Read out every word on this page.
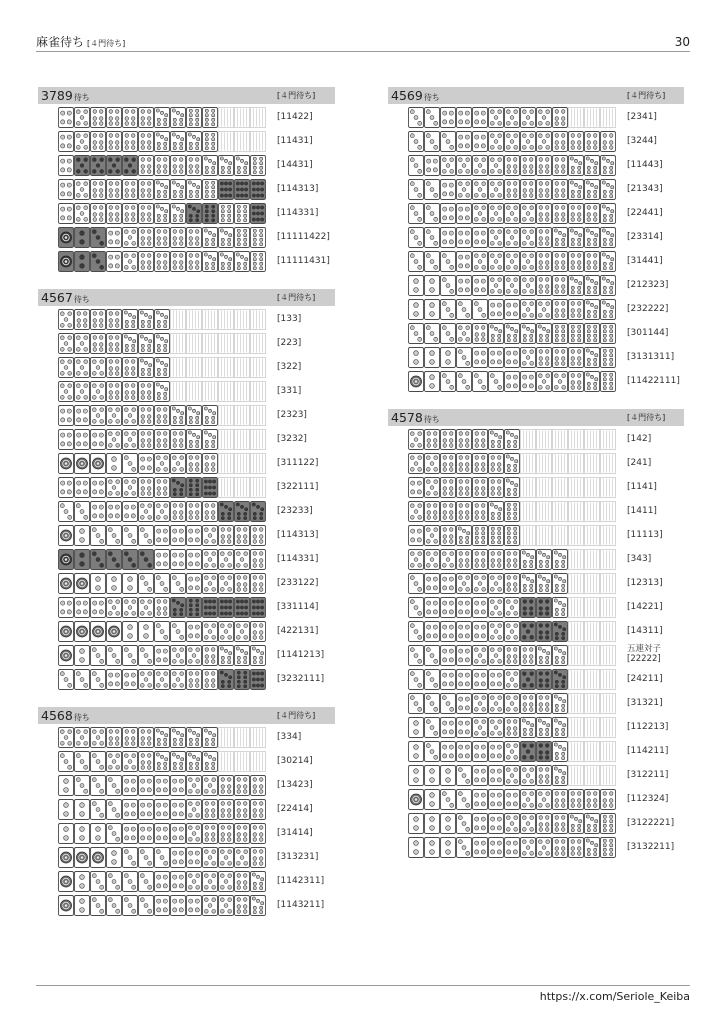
麻雀待ち [４門待ち]	30
3789待ち	[４門待ち]
[11422]
[11431]
[14431]
[114313]
[114331]
[11111422]
[11111431]
4567待ち	[４門待ち]
[133]
[223]
[322]
[331]
[2323]
[3232]
[311122]
[322111]
[23233]
[114313]
[114331]
[233122]
[331114]
[422131]
[1141213]
[3232111]
4568待ち	[４門待ち]
[334]
[30214]
[13423]
[22414]
[31414]
[313231]
[1142311]
[1143211]
4569待ち	[４門待ち]
[2341]
[3244]
[11443]
[21343]
[22441]
[23314]
[31441]
[212323]
[232222]
[301144]
[3131311]
[11422111]
4578待ち	[４門待ち]
[142]
[241]
[1141]
[1411]
[11113]
[343]
[12313]
[14221]
[14311]
五連対子
[22222]
[24211]
[31321]
[112213]
[114211]
[312211]
[112324]
[3122221]
[3132211]
https://x.com/Seriole_Keiba
